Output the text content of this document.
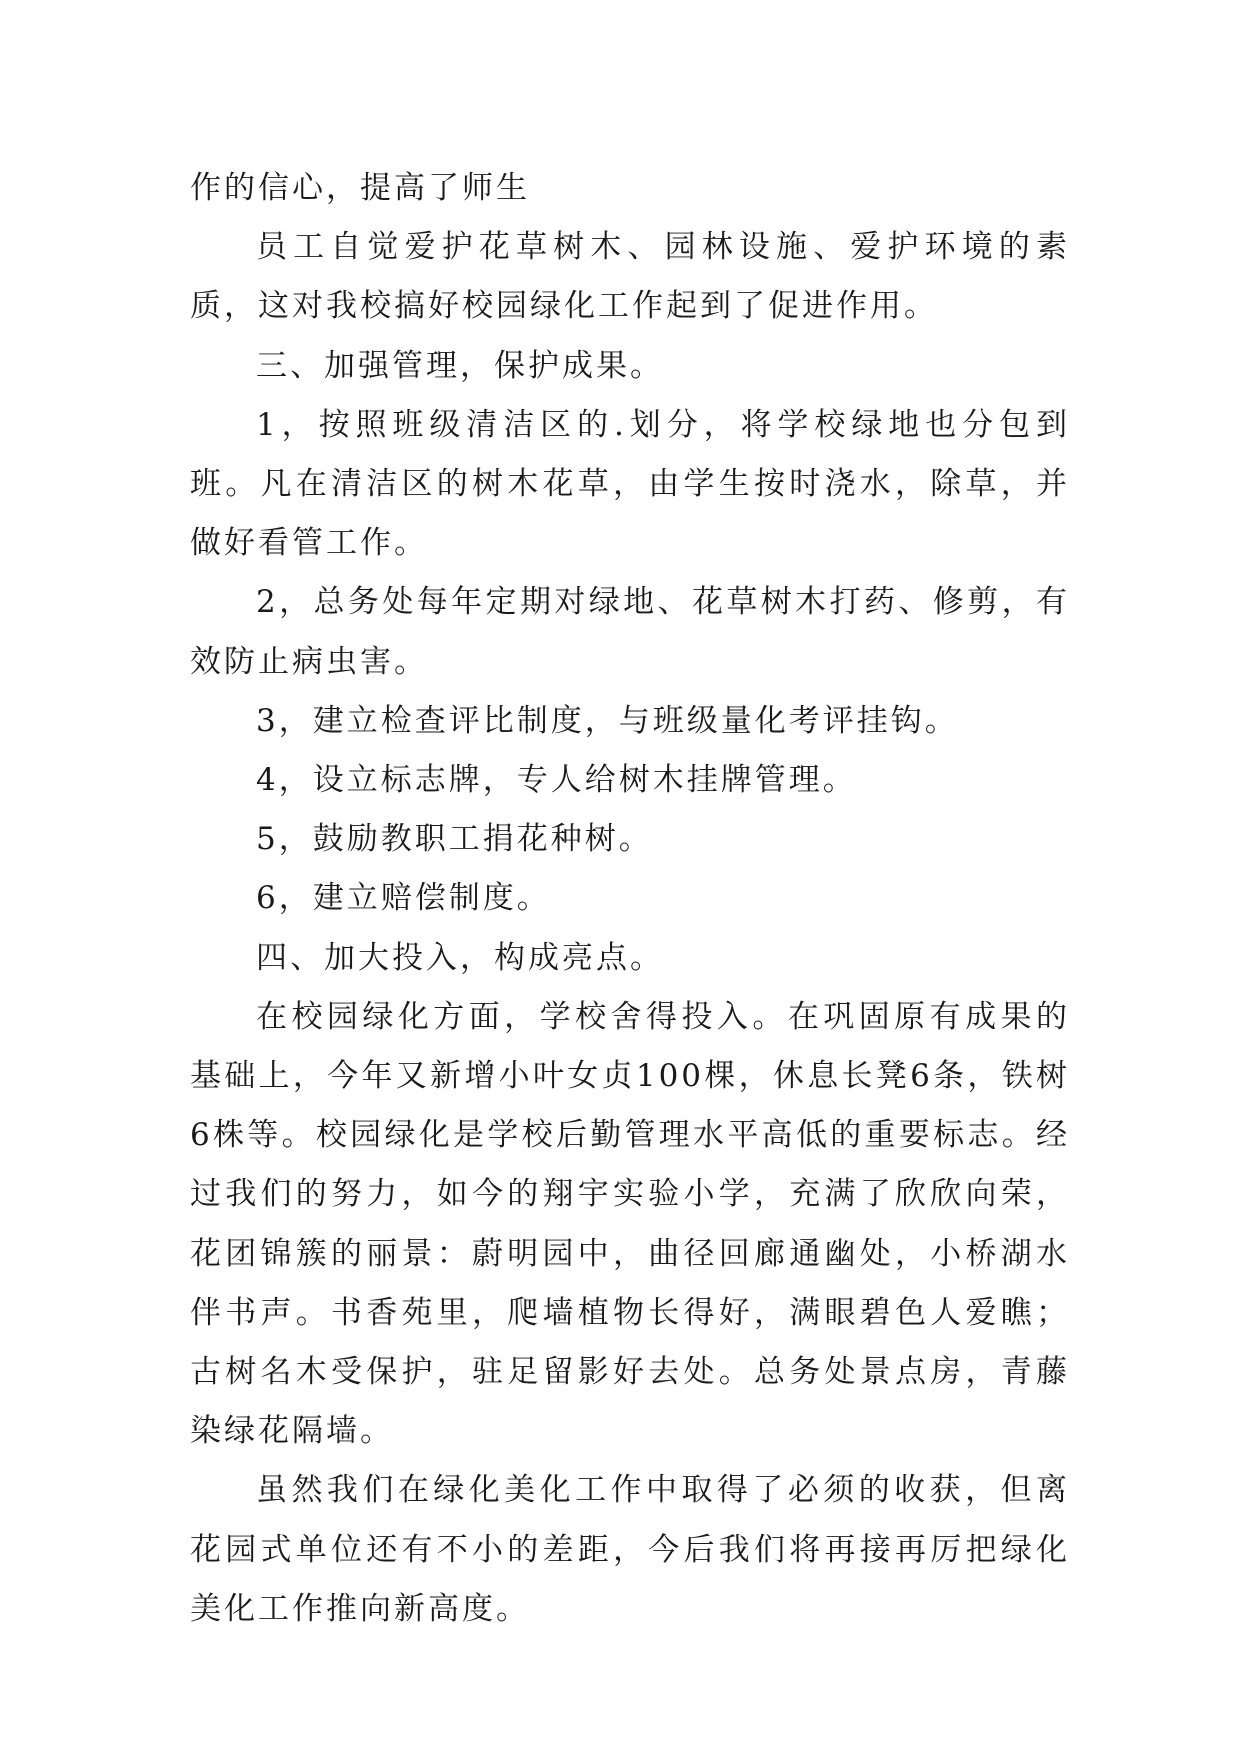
作的信心，提高了师生

员工自觉爱护花草树木、园林设施、爱护环境的素质，这对我校搞好校园绿化工作起到了促进作用。

三、加强管理，保护成果。

1，按照班级清洁区的.划分，将学校绿地也分包到班。凡在清洁区的树木花草，由学生按时浇水，除草，并做好看管工作。

2，总务处每年定期对绿地、花草树木打药、修剪，有效防止病虫害。

3，建立检查评比制度，与班级量化考评挂钩。

4，设立标志牌，专人给树木挂牌管理。

5，鼓励教职工捐花种树。

6，建立赔偿制度。

四、加大投入，构成亮点。

在校园绿化方面，学校舍得投入。在巩固原有成果的基础上，今年又新增小叶女贞100棵，休息长凳6条，铁树6株等。校园绿化是学校后勤管理水平高低的重要标志。经过我们的努力，如今的翔宇实验小学，充满了欣欣向荣，花团锦簇的丽景：蔚明园中，曲径回廊通幽处，小桥湖水伴书声。书香苑里，爬墙植物长得好，满眼碧色人爱瞧；古树名木受保护，驻足留影好去处。总务处景点房，青藤染绿花隔墙。

虽然我们在绿化美化工作中取得了必须的收获，但离花园式单位还有不小的差距，今后我们将再接再厉把绿化美化工作推向新高度。
